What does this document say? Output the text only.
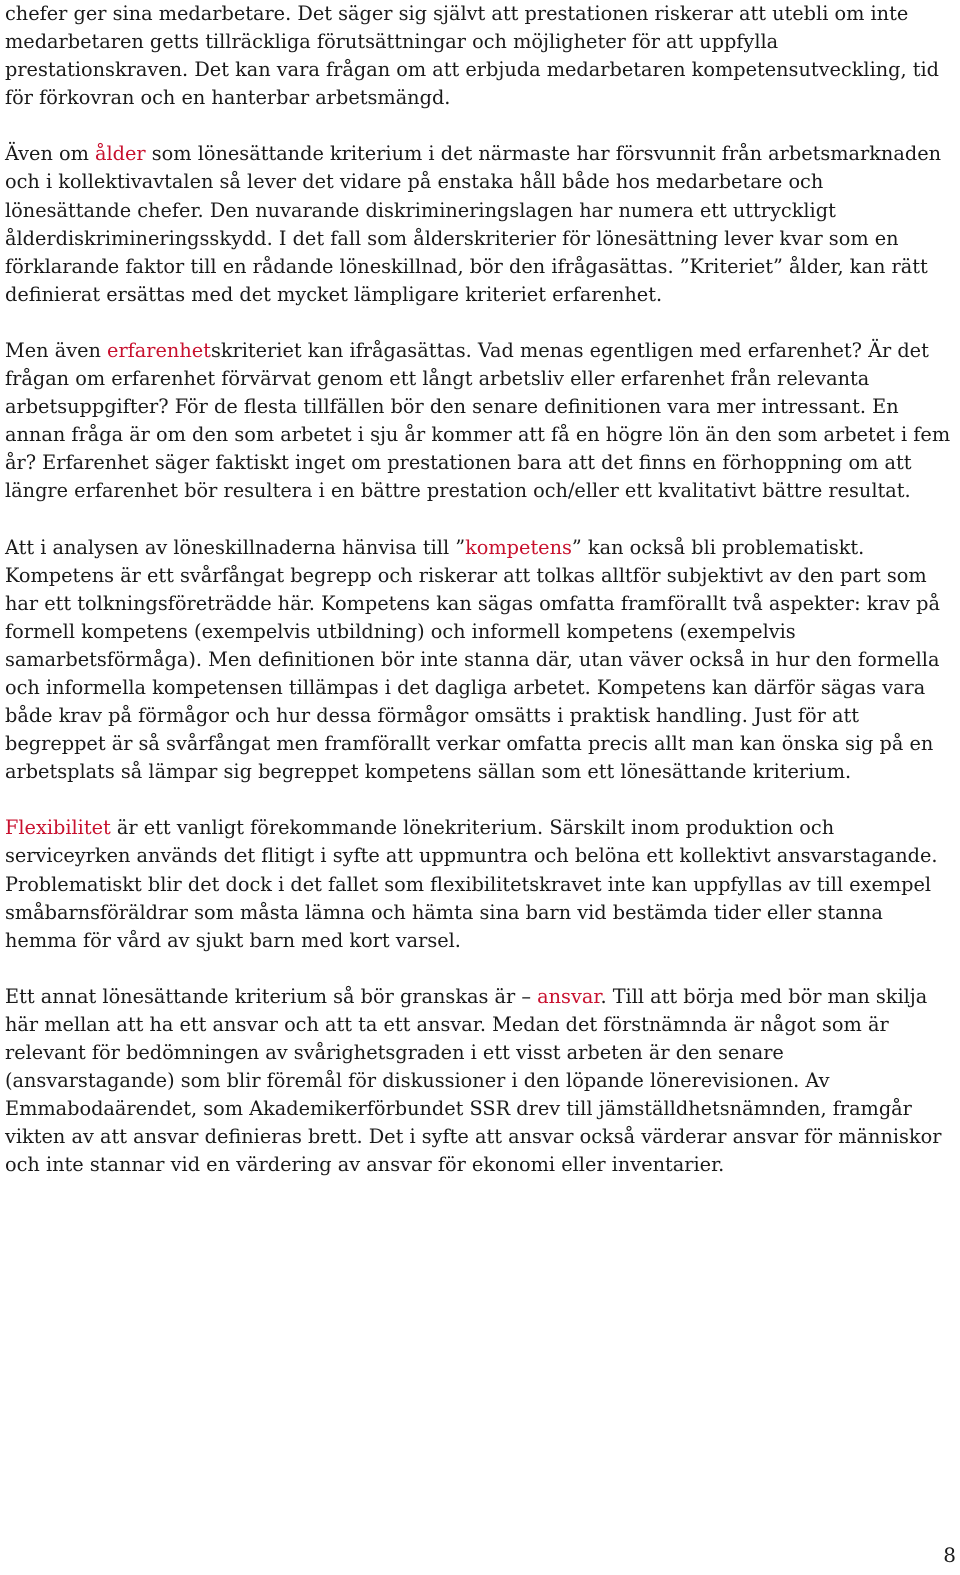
chefer ger sina medarbetare. Det säger sig självt att prestationen riskerar att utebli om inte medarbetaren getts tillräckliga förutsättningar och möjligheter för att uppfylla prestationskraven. Det kan vara frågan om att erbjuda medarbetaren kompetensutveckling, tid för förkovran och en hanterbar arbetsmängd.

Även om ålder som lönesättande kriterium i det närmaste har försvunnit från arbetsmarknaden och i kollektivavtalen så lever det vidare på enstaka håll både hos medarbetare och lönesättande chefer. Den nuvarande diskrimineringslagen har numera ett uttryckligt ålderdiskrimineringsskydd. I det fall som ålderskriterier för lönesättning lever kvar som en förklarande faktor till en rådande löneskillnad, bör den ifrågasättas. ”Kriteriet” ålder, kan rätt definierat ersättas med det mycket lämpligare kriteriet erfarenhet.

Men även erfarenhetskriteriet kan ifrågasättas. Vad menas egentligen med erfarenhet? Är det frågan om erfarenhet förvärvat genom ett långt arbetsliv eller erfarenhet från relevanta arbetsuppgifter? För de flesta tillfällen bör den senare definitionen vara mer intressant. En annan fråga är om den som arbetet i sju år kommer att få en högre lön än den som arbetet i fem år? Erfarenhet säger faktiskt inget om prestationen bara att det finns en förhoppning om att längre erfarenhet bör resultera i en bättre prestation och/eller ett kvalitativt bättre resultat.

Att i analysen av löneskillnaderna hänvisa till ”kompetens” kan också bli problematiskt. Kompetens är ett svårfångat begrepp och riskerar att tolkas alltför subjektivt av den part som har ett tolkningsföreträdde här. Kompetens kan sägas omfatta framförallt två aspekter: krav på formell kompetens (exempelvis utbildning) och informell kompetens (exempelvis samarbetsförmåga). Men definitionen bör inte stanna där, utan väver också in hur den formella och informella kompetensen tillämpas i det dagliga arbetet. Kompetens kan därför sägas vara både krav på förmågor och hur dessa förmågor omsätts i praktisk handling. Just för att begreppet är så svårfångat men framförallt verkar omfatta precis allt man kan önska sig på en arbetsplats så lämpar sig begreppet kompetens sällan som ett lönesättande kriterium.

Flexibilitet är ett vanligt förekommande lönekriterium. Särskilt inom produktion och serviceyrken används det flitigt i syfte att uppmuntra och belöna ett kollektivt ansvarstagande. Problematiskt blir det dock i det fallet som flexibilitetskravet inte kan uppfyllas av till exempel småbarnsföräldrar som måsta lämna och hämta sina barn vid bestämda tider eller stanna hemma för vård av sjukt barn med kort varsel.

Ett annat lönesättande kriterium så bör granskas är – ansvar. Till att börja med bör man skilja här mellan att ha ett ansvar och att ta ett ansvar. Medan det förstnämnda är något som är relevant för bedömningen av svårighetsgraden i ett visst arbeten är den senare (ansvarstagande) som blir föremål för diskussioner i den löpande lönerevisionen. Av Emmabodaärendet, som Akademikerförbundet SSR drev till jämställdhetsnämnden, framgår vikten av att ansvar definieras brett. Det i syfte att ansvar också värderar ansvar för människor och inte stannar vid en värdering av ansvar för ekonomi eller inventarier.

8
